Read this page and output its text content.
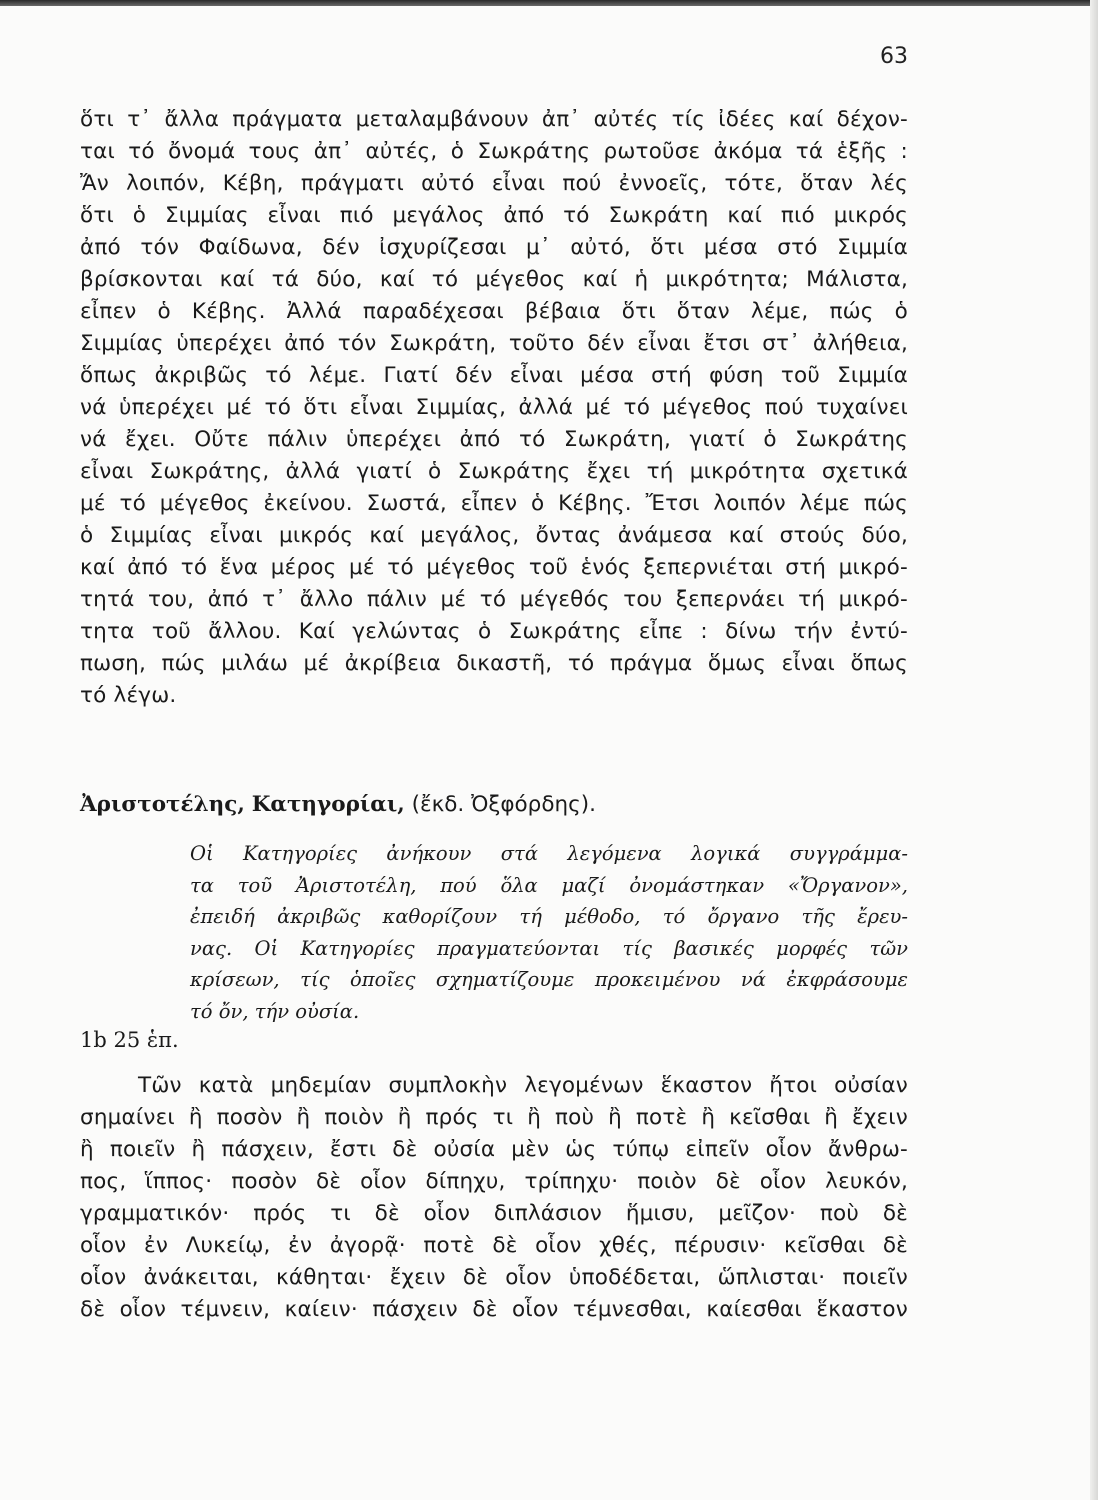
63
ὅτι τ᾽ ἄλλα πράγματα μεταλαμβάνουν ἀπ᾽ αὐτές τίς ἰδέες καί δέχον-
ται τό ὄνομά τους ἀπ᾽ αὐτές, ὁ Σωκράτης ρωτοῦσε ἀκόμα τά ἑξῆς :
Ἄν λοιπόν, Κέβη, πράγματι αὐτό εἶναι πού ἐννοεῖς, τότε, ὅταν λές
ὅτι ὁ Σιμμίας εἶναι πιό μεγάλος ἀπό τό Σωκράτη καί πιό μικρός
ἀπό τόν Φαίδωνα, δέν ἰσχυρίζεσαι μ᾽ αὐτό, ὅτι μέσα στό Σιμμία
βρίσκονται καί τά δύο, καί τό μέγεθος καί ἡ μικρότητα; Μάλιστα,
εἶπεν ὁ Κέβης. Ἀλλά παραδέχεσαι βέβαια ὅτι ὅταν λέμε, πώς ὁ
Σιμμίας ὑπερέχει ἀπό τόν Σωκράτη, τοῦτο δέν εἶναι ἔτσι στ᾽ ἀλήθεια,
ὅπως ἀκριβῶς τό λέμε. Γιατί δέν εἶναι μέσα στή φύση τοῦ Σιμμία
νά ὑπερέχει μέ τό ὅτι εἶναι Σιμμίας, ἀλλά μέ τό μέγεθος πού τυχαίνει
νά ἔχει. Οὔτε πάλιν ὑπερέχει ἀπό τό Σωκράτη, γιατί ὁ Σωκράτης
εἶναι Σωκράτης, ἀλλά γιατί ὁ Σωκράτης ἔχει τή μικρότητα σχετικά
μέ τό μέγεθος ἐκείνου. Σωστά, εἶπεν ὁ Κέβης. Ἔτσι λοιπόν λέμε πώς
ὁ Σιμμίας εἶναι μικρός καί μεγάλος, ὄντας ἀνάμεσα καί στούς δύο,
καί ἀπό τό ἕνα μέρος μέ τό μέγεθος τοῦ ἑνός ξεπερνιέται στή μικρό-
τητά του, ἀπό τ᾽ ἄλλο πάλιν μέ τό μέγεθός του ξεπερνάει τή μικρό-
τητα τοῦ ἄλλου. Καί γελώντας ὁ Σωκράτης εἶπε : δίνω τήν ἐντύ-
πωση, πώς μιλάω μέ ἀκρίβεια δικαστῆ, τό πράγμα ὅμως εἶναι ὅπως
τό λέγω.
Ἀριστοτέλης, Κατηγορίαι, (ἔκδ. Ὀξφόρδης).
Οἱ Κατηγορίες ἀνήκουν στά λεγόμενα λογικά συγγράμμα-
τα τοῦ Ἀριστοτέλη, πού ὅλα μαζί ὀνομάστηκαν «Ὄργανον»,
ἐπειδή ἀκριβῶς καθορίζουν τή μέθοδο, τό ὄργανο τῆς ἔρευ-
νας. Οἱ Κατηγορίες πραγματεύονται τίς βασικές μορφές τῶν
κρίσεων, τίς ὁποῖες σχηματίζουμε προκειμένου νά ἐκφράσουμε
τό ὄν, τήν οὐσία.
1b 25 ἑπ.
Τῶν κατὰ μηδεμίαν συμπλοκὴν λεγομένων ἕκαστον ἤτοι οὐσίαν
σημαίνει ἢ ποσὸν ἢ ποιὸν ἢ πρός τι ἢ ποὺ ἢ ποτὲ ἢ κεῖσθαι ἢ ἔχειν
ἢ ποιεῖν ἢ πάσχειν, ἔστι δὲ οὐσία μὲν ὡς τύπῳ εἰπεῖν οἷον ἄνθρω-
πος, ἵππος· ποσὸν δὲ οἷον δίπηχυ, τρίπηχυ· ποιὸν δὲ οἷον λευκόν,
γραμματικόν· πρός τι δὲ οἷον διπλάσιον ἥμισυ, μεῖζον· ποὺ δὲ
οἷον ἐν Λυκείῳ, ἐν ἀγορᾷ· ποτὲ δὲ οἷον χθές, πέρυσιν· κεῖσθαι δὲ
οἷον ἀνάκειται, κάθηται· ἔχειν δὲ οἷον ὑποδέδεται, ὥπλισται· ποιεῖν
δὲ οἷον τέμνειν, καίειν· πάσχειν δὲ οἷον τέμνεσθαι, καίεσθαι ἕκαστον
